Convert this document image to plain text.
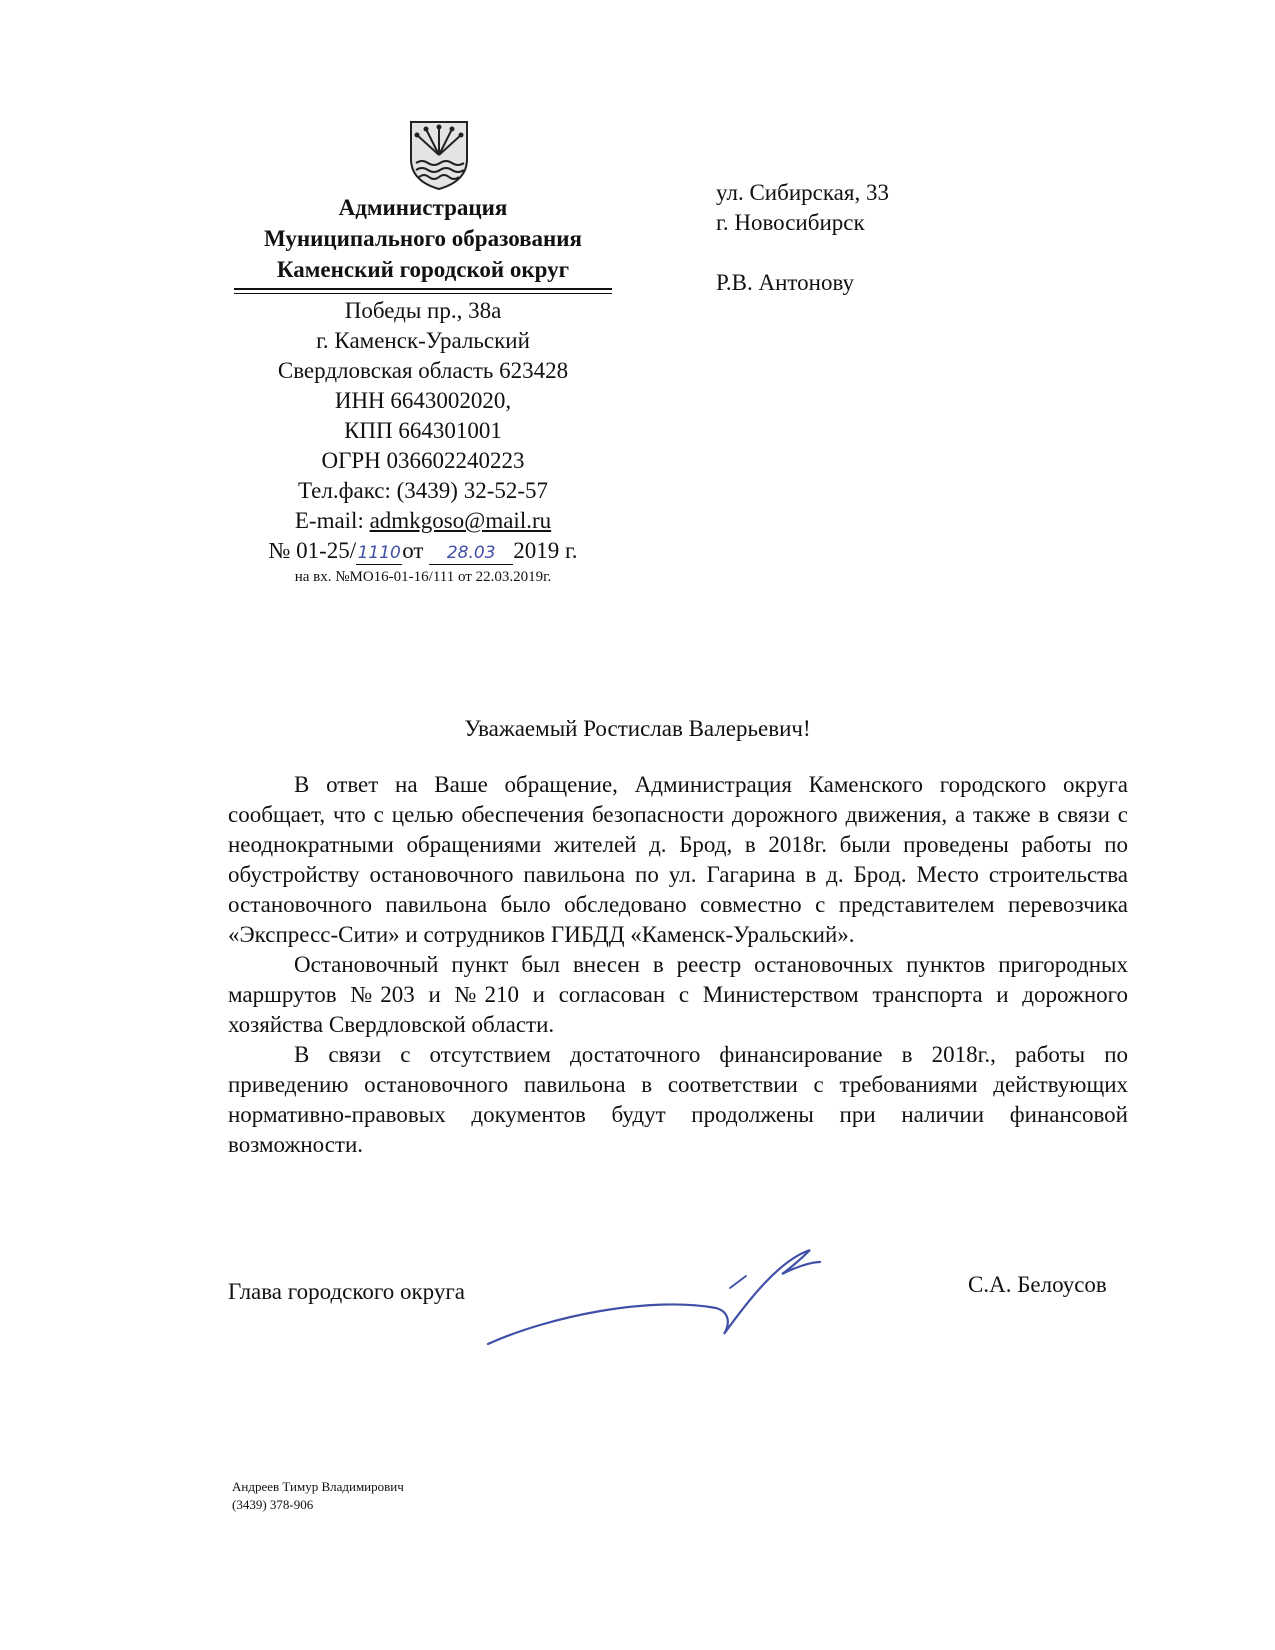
Администрация
Муниципального образования
Каменский городской округ
Победы пр., 38а
г. Каменск-Уральский
Свердловская область 623428
ИНН 6643002020,
КПП 664301001
ОГРН 036602240223
Тел.факс: (3439) 32-52-57
E-mail: admkgoso@mail.ru
№ 01-25/1110от 28.03 2019 г.
на вх. №МО16-01-16/111 от 22.03.2019г.
ул. Сибирская, 33
г. Новосибирск
Р.В. Антонову
Уважаемый Ростислав Валерьевич!

В ответ на Ваше обращение, Администрация Каменского городского округа сообщает, что с целью обеспечения безопасности дорожного движения, а также в связи с неоднократными обращениями жителей д. Брод, в 2018г. были проведены работы по обустройству остановочного павильона по ул. Гагарина в д. Брод. Место строительства остановочного павильона было обследовано совместно с представителем перевозчика «Экспресс-Сити» и сотрудников ГИБДД «Каменск-Уральский».

Остановочный пункт был внесен в реестр остановочных пунктов пригородных маршрутов №203 и №210 и согласован с Министерством транспорта и дорожного хозяйства Свердловской области.

В связи с отсутствием достаточного финансирование в 2018г., работы по приведению остановочного павильона в соответствии с требованиями действующих нормативно-правовых документов будут продолжены при наличии финансовой возможности.

Глава городского округа	С.А. Белоусов
Андреев Тимур Владимирович
(3439) 378-906
